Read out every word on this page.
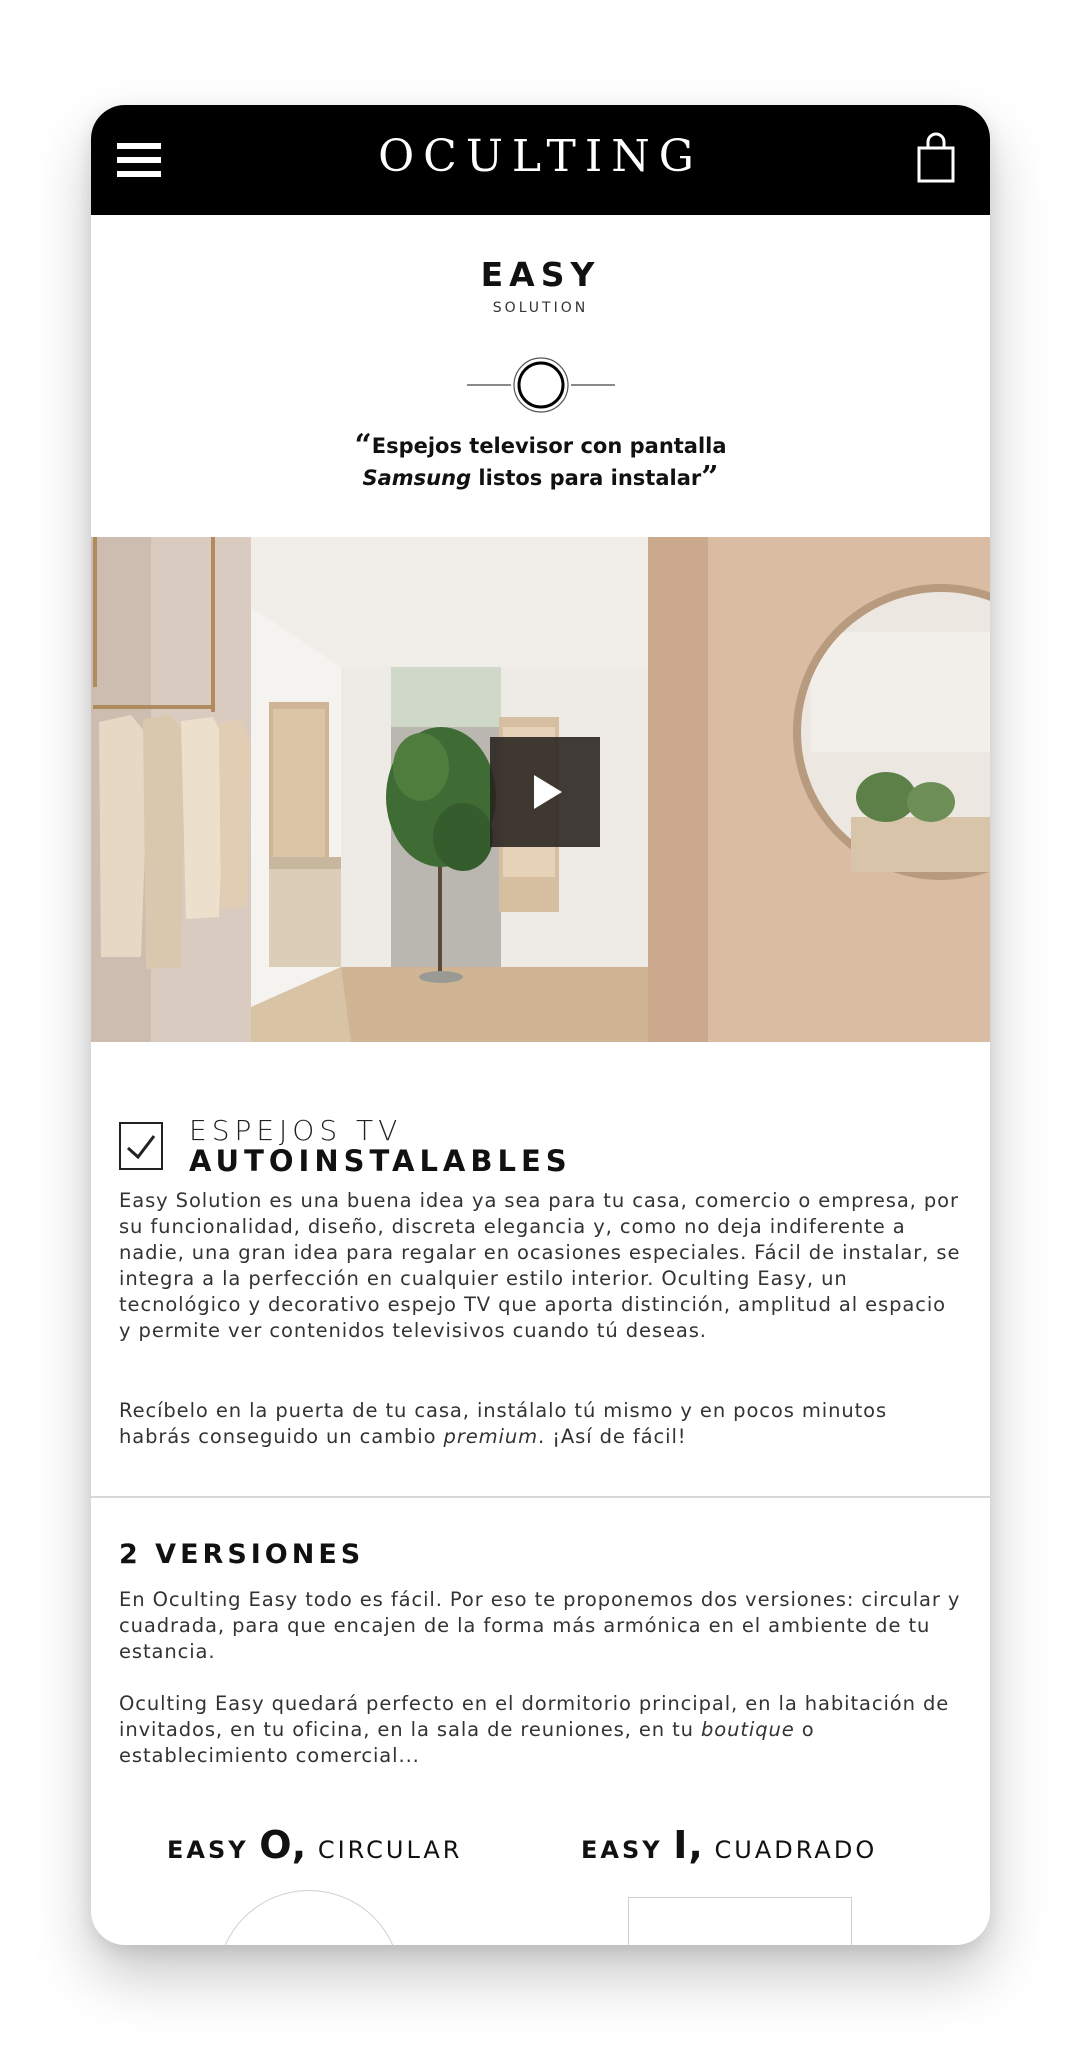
OCULTING
EASY
SOLUTION
“Espejos televisor con pantalla
Samsung listos para instalar”
ESPEJOS TV
AUTOINSTALABLES

Easy Solution es una buena idea ya sea para tu casa, comercio o empresa, por su funcionalidad, diseño, discreta elegancia y, como no deja indiferente a nadie, una gran idea para regalar en ocasiones especiales. Fácil de instalar, se integra a la perfección en cualquier estilo interior. Oculting Easy, un tecnológico y decorativo espejo TV que aporta distinción, amplitud al espacio y permite ver contenidos televisivos cuando tú deseas.

Recíbelo en la puerta de tu casa, instálalo tú mismo y en pocos minutos habrás conseguido un cambio premium. ¡Así de fácil!

2 VERSIONES

En Oculting Easy todo es fácil. Por eso te proponemos dos versiones: circular y cuadrada, para que encajen de la forma más armónica en el ambiente de tu estancia.

Oculting Easy quedará perfecto en el dormitorio principal, en la habitación de invitados, en tu oficina, en la sala de reuniones, en tu boutique o establecimiento comercial...

EASY O, CIRCULAR	EASY I, CUADRADO
